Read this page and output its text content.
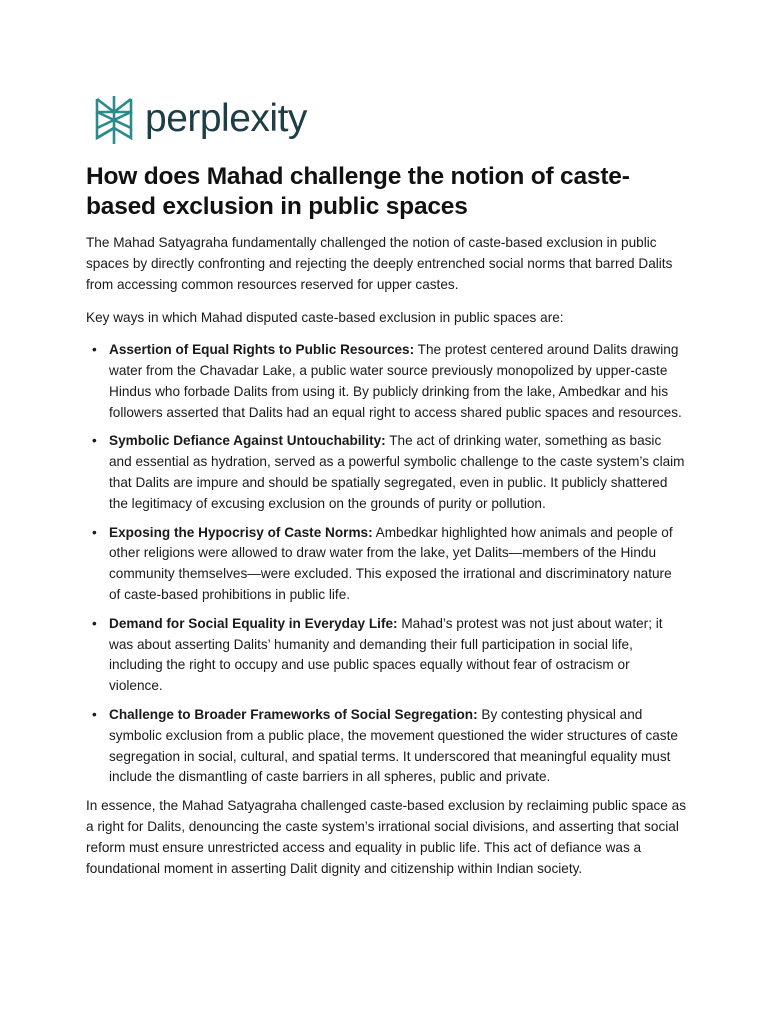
perplexity
How does Mahad challenge the notion of caste-based exclusion in public spaces

The Mahad Satyagraha fundamentally challenged the notion of caste-based exclusion in public spaces by directly confronting and rejecting the deeply entrenched social norms that barred Dalits from accessing common resources reserved for upper castes.

Key ways in which Mahad disputed caste-based exclusion in public spaces are:

• Assertion of Equal Rights to Public Resources: The protest centered around Dalits drawing water from the Chavadar Lake, a public water source previously monopolized by upper-caste Hindus who forbade Dalits from using it. By publicly drinking from the lake, Ambedkar and his followers asserted that Dalits had an equal right to access shared public spaces and resources.
• Symbolic Defiance Against Untouchability: The act of drinking water, something as basic and essential as hydration, served as a powerful symbolic challenge to the caste system’s claim that Dalits are impure and should be spatially segregated, even in public. It publicly shattered the legitimacy of excusing exclusion on the grounds of purity or pollution.
• Exposing the Hypocrisy of Caste Norms: Ambedkar highlighted how animals and people of other religions were allowed to draw water from the lake, yet Dalits—members of the Hindu community themselves—were excluded. This exposed the irrational and discriminatory nature of caste-based prohibitions in public life.
• Demand for Social Equality in Everyday Life: Mahad’s protest was not just about water; it was about asserting Dalits’ humanity and demanding their full participation in social life, including the right to occupy and use public spaces equally without fear of ostracism or violence.
• Challenge to Broader Frameworks of Social Segregation: By contesting physical and symbolic exclusion from a public place, the movement questioned the wider structures of caste segregation in social, cultural, and spatial terms. It underscored that meaningful equality must include the dismantling of caste barriers in all spheres, public and private.

In essence, the Mahad Satyagraha challenged caste-based exclusion by reclaiming public space as a right for Dalits, denouncing the caste system’s irrational social divisions, and asserting that social reform must ensure unrestricted access and equality in public life. This act of defiance was a foundational moment in asserting Dalit dignity and citizenship within Indian society.
